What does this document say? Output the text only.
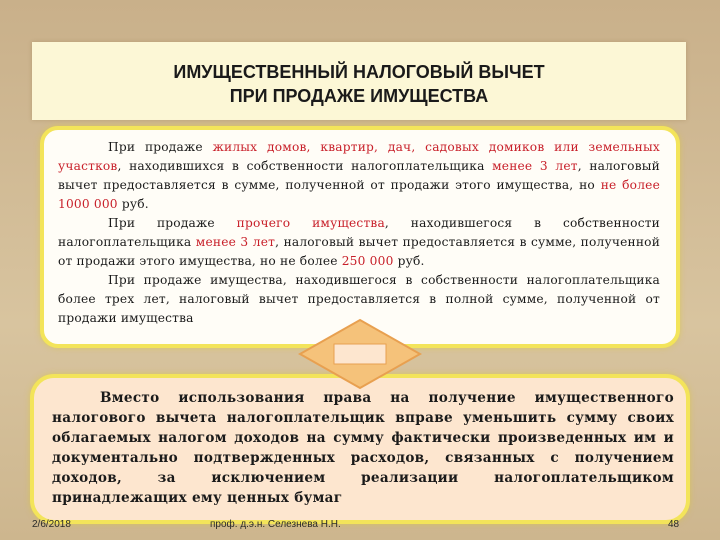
ИМУЩЕСТВЕННЫЙ НАЛОГОВЫЙ ВЫЧЕТ
ПРИ ПРОДАЖЕ ИМУЩЕСТВА

При продаже жилых домов, квартир, дач, садовых домиков или земельных участков, находившихся в собственности налогоплательщика менее 3 лет, налоговый вычет предоставляется в сумме, полученной от продажи этого имущества, но не более 1000 000 руб.

При продаже прочего имущества, находившегося в собственности налогоплательщика менее 3 лет, налоговый вычет предоставляется в сумме, полученной от продажи этого имущества, но не более 250 000 руб.

При продаже имущества, находившегося в собственности налогоплательщика более трех лет, налоговый вычет предоставляется в полной сумме, полученной от продажи имущества

Вместо использования права на получение имущественного налогового вычета налогоплательщик вправе уменьшить сумму своих облагаемых налогом доходов на сумму фактически произведенных им и документально подтвержденных расходов, связанных с получением доходов, за исключением реализации налогоплательщиком принадлежащих ему ценных бумаг

2/6/2018	проф. д.э.н. Селезнева Н.Н.	48
